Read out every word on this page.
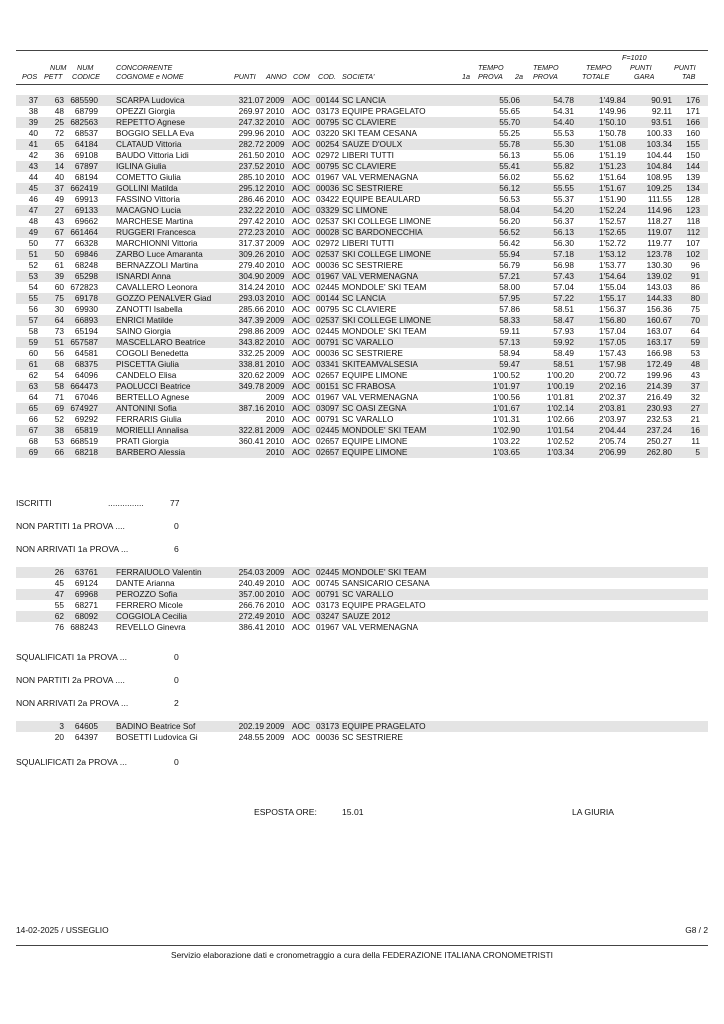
F=1010
NUM NUM	CONCORRENTE	TEMPO	TEMPO	TEMPO	PUNTI	PUNTI
POS PETT CODICE COGNOME e NOME	PUNTI ANNO COM COD. SOCIETA'	1a PROVA 2a PROVA	TOTALE	GARA	TAB
37	63 685590 SCARPA Ludovica	321.07 2009 AOC 00144 SC LANCIA	55.06	54.78	1'49.84	90.91	176
38	48	68799 OPEZZI Giorgia	269.97 2010 AOC 03173 EQUIPE PRAGELATO	55.65	54.31	1'49.96	92.11	171
39	25 682563 REPETTO Agnese	247.32 2010 AOC 00795 SC CLAVIERE	55.70	54.40	1'50.10	93.51	166
40	72	68537 BOGGIO SELLA Eva	299.96 2010 AOC 03220 SKI TEAM CESANA	55.25	55.53	1'50.78	100.33	160
41	65	64184 CLATAUD Vittoria	282.72 2009 AOC 00254 SAUZE D'OULX	55.78	55.30	1'51.08	103.34	155
42	36	69108 BAUDO Vittoria Lidi	261.50 2010 AOC 02972 LIBERI TUTTI	56.13	55.06	1'51.19	104.44	150
43	14	67897 IGLINA Giulia	237.52 2010 AOC 00795 SC CLAVIERE	55.41	55.82	1'51.23	104.84	144
44	40	68194 COMETTO Giulia	285.10 2010 AOC 01967 VAL VERMENAGNA	56.02	55.62	1'51.64	108.95	139
45	37 662419 GOLLINI Matilda	295.12 2010 AOC 00036 SC SESTRIERE	56.12	55.55	1'51.67	109.25	134
46	49	69913 FASSINO Vittoria	286.46 2010 AOC 03422 EQUIPE BEAULARD	56.53	55.37	1'51.90	111.55	128
47	27	69133 MACAGNO Lucia	232.22 2010 AOC 03329 SC LIMONE	58.04	54.20	1'52.24	114.96	123
48	43	69662 MARCHESE Martina	297.42 2010 AOC 02537 SKI COLLEGE LIMONE	56.20	56.37	1'52.57	118.27	118
49	67 661464 RUGGERI Francesca	272.23 2010 AOC 00028 SC BARDONECCHIA	56.52	56.13	1'52.65	119.07	112
50	77	66328 MARCHIONNI Vittoria	317.37 2009 AOC 02972 LIBERI TUTTI	56.42	56.30	1'52.72	119.77	107
51	50	69846 ZARBO Luce Amaranta	309.26 2010 AOC 02537 SKI COLLEGE LIMONE	55.94	57.18	1'53.12	123.78	102
52	61	68248 BERNAZZOLI Martina	279.40 2010 AOC 00036 SC SESTRIERE	56.79	56.98	1'53.77	130.30	96
53	39	65298 ISNARDI Anna	304.90 2009 AOC 01967 VAL VERMENAGNA	57.21	57.43	1'54.64	139.02	91
54	60 672823 CAVALLERO Leonora	314.24 2010 AOC 02445 MONDOLE' SKI TEAM	58.00	57.04	1'55.04	143.03	86
55	75	69178 GOZZO PENALVER Giad	293.03 2010 AOC 00144 SC LANCIA	57.95	57.22	1'55.17	144.33	80
56	30	69930 ZANOTTI Isabella	285.66 2010 AOC 00795 SC CLAVIERE	57.86	58.51	1'56.37	156.36	75
57	64	66893 ENRICI Matilde	347.39 2009 AOC 02537 SKI COLLEGE LIMONE	58.33	58.47	1'56.80	160.67	70
58	73	65194 SAINO Giorgia	298.86 2009 AOC 02445 MONDOLE' SKI TEAM	59.11	57.93	1'57.04	163.07	64
59	51 657587 MASCELLARO Beatrice	343.82 2010 AOC 00791 SC VARALLO	57.13	59.92	1'57.05	163.17	59
60	56	64581 COGOLI Benedetta	332.25 2009 AOC 00036 SC SESTRIERE	58.94	58.49	1'57.43	166.98	53
61	68	68375 PISCETTA Giulia	338.81 2010 AOC 03341 SKITEAMVALSESIA	59.47	58.51	1'57.98	172.49	48
62	54	64096 CANDELO Elisa	320.62 2009 AOC 02657 EQUIPE LIMONE	1'00.52	1'00.20	2'00.72	199.96	43
63	58 664473 PAOLUCCI Beatrice	349.78 2009 AOC 00151 SC FRABOSA	1'01.97	1'00.19	2'02.16	214.39	37
64	71	67046 BERTELLO Agnese	2009 AOC 01967 VAL VERMENAGNA	1'00.56	1'01.81	2'02.37	216.49	32
65	69 674927 ANTONINI Sofia	387.16 2010 AOC 03097 SC OASI ZEGNA	1'01.67	1'02.14	2'03.81	230.93	27
66	52	69292 FERRARIS Giulia	2010 AOC 00791 SC VARALLO	1'01.31	1'02.66	2'03.97	232.53	21
67	38	65819 MORIELLI Annalisa	322.81 2009 AOC 02445 MONDOLE' SKI TEAM	1'02.90	1'01.54	2'04.44	237.24	16
68	53 668519 PRATI Giorgia	360.41 2010 AOC 02657 EQUIPE LIMONE	1'03.22	1'02.52	2'05.74	250.27	11
69	66	68218 BARBERO Alessia	2010 AOC 02657 EQUIPE LIMONE	1'03.65	1'03.34	2'06.99	262.80	5
ISCRITTI	...............	77
NON PARTITI 1a PROVA ....	0
NON ARRIVATI 1a PROVA ...	6
26	63761 FERRAIUOLO Valentin	254.03 2009 AOC 02445 MONDOLE' SKI TEAM
45	69124 DANTE Arianna	240.49 2010 AOC 00745 SANSICARIO CESANA
47	69968 PEROZZO Sofia	357.00 2010 AOC 00791 SC VARALLO
55	68271 FERRERO Micole	266.76 2010 AOC 03173 EQUIPE PRAGELATO
62	68092 COGGIOLA Cecilia	272.49 2010 AOC 03247 SAUZE 2012
76 688243 REVELLO Ginevra	386.41 2010 AOC 01967 VAL VERMENAGNA
SQUALIFICATI 1a PROVA ...	0
NON PARTITI 2a PROVA ....	0
NON ARRIVATI 2a PROVA ...	2
3	64605 BADINO Beatrice Sof	202.19 2009 AOC 03173 EQUIPE PRAGELATO
20	64397 BOSETTI Ludovica Gi	248.55 2009 AOC 00036 SC SESTRIERE
SQUALIFICATI 2a PROVA ...	0
ESPOSTA ORE:	15.01	LA GIURIA
14-02-2025 / USSEGLIO	G8 / 2
Servizio elaborazione dati e cronometraggio a cura della FEDERAZIONE ITALIANA CRONOMETRISTI
